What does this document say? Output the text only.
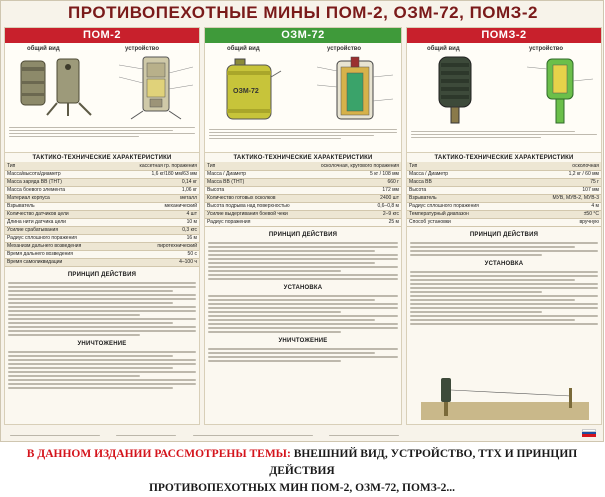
ПРОТИВОПЕХОТНЫЕ МИНЫ ПОМ-2, ОЗМ-72, ПОМЗ-2
ПОМ-2
общий вид	устройство
ТАКТИКО-ТЕХНИЧЕСКИЕ ХАРАКТЕРИСТИКИ
Тип	кассетная гр. поражения
Масса/высота/диаметр	1,6 кг/180 мм/63 мм
Масса заряда ВВ (ТНТ)	0,14 кг
Масса боевого элемента	1,06 кг
Материал корпуса	металл
Взрыватель	механический
Количество датчиков цели	4 шт
Длина нити датчика цели	10 м
Усилие срабатывания	0,3 кгс
Радиус сплошного поражения	16 м
Механизм дальнего возведения	пиротехнический
Время дальнего возведения	50 с
Время самоликвидации	4–100 ч
ПРИНЦИП ДЕЙСТВИЯ
УНИЧТОЖЕНИЕ
ОЗМ-72
общий вид	устройство
ОЗМ-72
ТАКТИКО-ТЕХНИЧЕСКИЕ ХАРАКТЕРИСТИКИ
Тип	осколочная, кругового поражения
Масса / Диаметр	5 кг / 108 мм
Масса ВВ (ТНТ)	660 г
Высота	172 мм
Количество готовых осколков	2400 шт
Высота подрыва над поверхностью	0,6–0,8 м
Усилие выдергивания боевой чеки	2–9 кгс
Радиус поражения	25 м
ПРИНЦИП ДЕЙСТВИЯ
УСТАНОВКА
УНИЧТОЖЕНИЕ
ПОМЗ-2
общий вид	устройство
ТАКТИКО-ТЕХНИЧЕСКИЕ ХАРАКТЕРИСТИКИ
Тип	осколочная
Масса / Диаметр	1,2 кг / 60 мм
Масса ВВ	75 г
Высота	107 мм
Взрыватель	МУВ, МУВ-2, МУВ-3
Радиус сплошного поражения	4 м
Температурный диапазон	±50 °С
Способ установки	вручную
ПРИНЦИП ДЕЙСТВИЯ
УСТАНОВКА

В ДАННОМ ИЗДАНИИ РАССМОТРЕНЫ ТЕМЫ: ВНЕШНИЙ ВИД, УСТРОЙСТВО, ТТХ И ПРИНЦИП ДЕЙСТВИЯ
ПРОТИВОПЕХОТНЫХ МИН ПОМ-2, ОЗМ-72, ПОМЗ-2...
